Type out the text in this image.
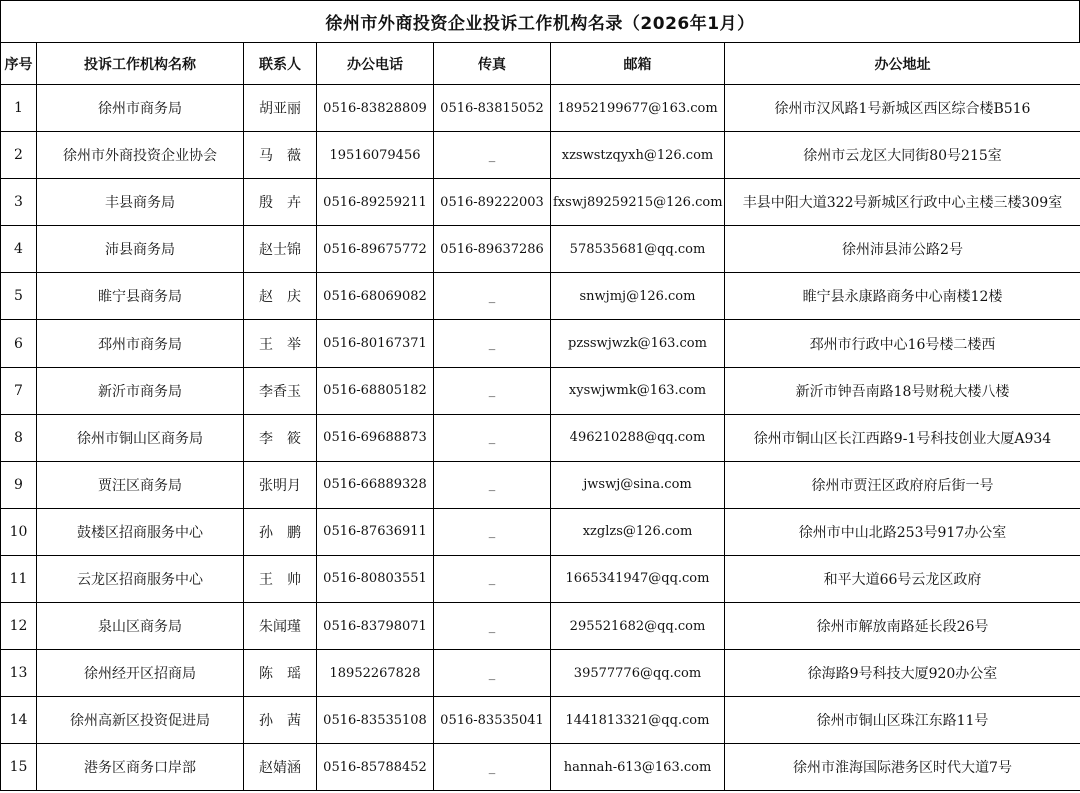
徐州市外商投资企业投诉工作机构名录（2026年1月）
序号	投诉工作机构名称	联系人	办公电话	传真	邮箱	办公地址
1	徐州市商务局	胡亚丽	0516-83828809	0516-83815052	18952199677@163.com	徐州市汉风路1号新城区西区综合楼B516
2	徐州市外商投资企业协会	马　薇	19516079456	_	xzswstzqyxh@126.com	徐州市云龙区大同街80号215室
3	丰县商务局	殷　卉	0516-89259211	0516-89222003	fxswj89259215@126.com	丰县中阳大道322号新城区行政中心主楼三楼309室
4	沛县商务局	赵士锦	0516-89675772	0516-89637286	578535681@qq.com	徐州沛县沛公路2号
5	睢宁县商务局	赵　庆	0516-68069082	_	snwjmj@126.com	睢宁县永康路商务中心南楼12楼
6	邳州市商务局	王　举	0516-80167371	_	pzsswjwzk@163.com	邳州市行政中心16号楼二楼西
7	新沂市商务局	李香玉	0516-68805182	_	xyswjwmk@163.com	新沂市钟吾南路18号财税大楼八楼
8	徐州市铜山区商务局	李　筱	0516-69688873	_	496210288@qq.com	徐州市铜山区长江西路9-1号科技创业大厦A934
9	贾汪区商务局	张明月	0516-66889328	_	jwswj@sina.com	徐州市贾汪区政府府后街一号
10	鼓楼区招商服务中心	孙　鹏	0516-87636911	_	xzglzs@126.com	徐州市中山北路253号917办公室
11	云龙区招商服务中心	王　帅	0516-80803551	_	1665341947@qq.com	和平大道66号云龙区政府
12	泉山区商务局	朱闻瑾	0516-83798071	_	295521682@qq.com	徐州市解放南路延长段26号
13	徐州经开区招商局	陈　瑶	18952267828	_	39577776@qq.com	徐海路9号科技大厦920办公室
14	徐州高新区投资促进局	孙　茜	0516-83535108	0516-83535041	1441813321@qq.com	徐州市铜山区珠江东路11号
15	港务区商务口岸部	赵婧涵	0516-85788452	_	hannah-613@163.com	徐州市淮海国际港务区时代大道7号
